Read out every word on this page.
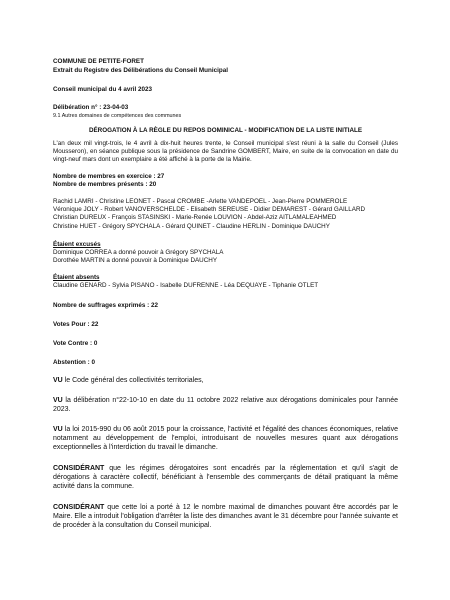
COMMUNE DE PETITE-FORET
Extrait du Registre des Délibérations du Conseil Municipal
Conseil municipal du 4 avril 2023
Délibération n° : 23-04-03
9.1 Autres domaines de compétences des communes
DÉROGATION À LA RÈGLE DU REPOS DOMINICAL - MODIFICATION DE LA LISTE INITIALE
L'an deux mil vingt-trois, le 4 avril à dix-huit heures trente, le Conseil municipal s'est réuni à la salle du Conseil (Jules Mousseron), en séance publique sous la présidence de Sandrine GOMBERT, Maire, en suite de la convocation en date du vingt-neuf mars dont un exemplaire a été affiché à la porte de la Mairie.
Nombre de membres en exercice : 27
Nombre de membres présents : 20

Rachid LAMRI - Christine LEONET - Pascal CROMBE -Arlette VANDEPOEL - Jean-Pierre POMMEROLE

Véronique JOLY - Robert VANOVERSCHELDE - Elisabeth SEREUSE - Didier DEMAREST - Gérard GAILLARD

Christian DUREUX - François STASINSKI - Marie-Renée LOUVION - Abdel-Aziz AITLAMALEAHMED

Christine HUET - Grégory SPYCHALA - Gérard QUINET - Claudine HERLIN - Dominique DAUCHY

Étaient excusés
Dominique CORREA a donné pouvoir à Grégory SPYCHALA
Dorothée MARTIN a donné pouvoir à Dominique DAUCHY
Étaient absents
Claudine GENARD - Sylvia PISANO - Isabelle DUFRENNE - Léa DEQUAYE - Tiphanie OTLET
Nombre de suffrages exprimés : 22
Votes Pour : 22
Vote Contre : 0
Abstention : 0
VU le Code général des collectivités territoriales,
VU la délibération n°22-10-10 en date du 11 octobre 2022 relative aux dérogations dominicales pour l'année 2023.
VU la loi 2015-990 du 06 août 2015 pour la croissance, l'activité et l'égalité des chances économiques, relative notamment au développement de l'emploi, introduisant de nouvelles mesures quant aux dérogations exceptionnelles à l'interdiction du travail le dimanche.
CONSIDÉRANT que les régimes dérogatoires sont encadrés par la réglementation et qu'il s'agit de dérogations à caractère collectif, bénéficiant à l'ensemble des commerçants de détail pratiquant la même activité dans la commune.
CONSIDÉRANT que cette loi a porté à 12 le nombre maximal de dimanches pouvant être accordés par le Maire. Elle a introduit l'obligation d'arrêter la liste des dimanches avant le 31 décembre pour l'année suivante et de procéder à la consultation du Conseil municipal.
